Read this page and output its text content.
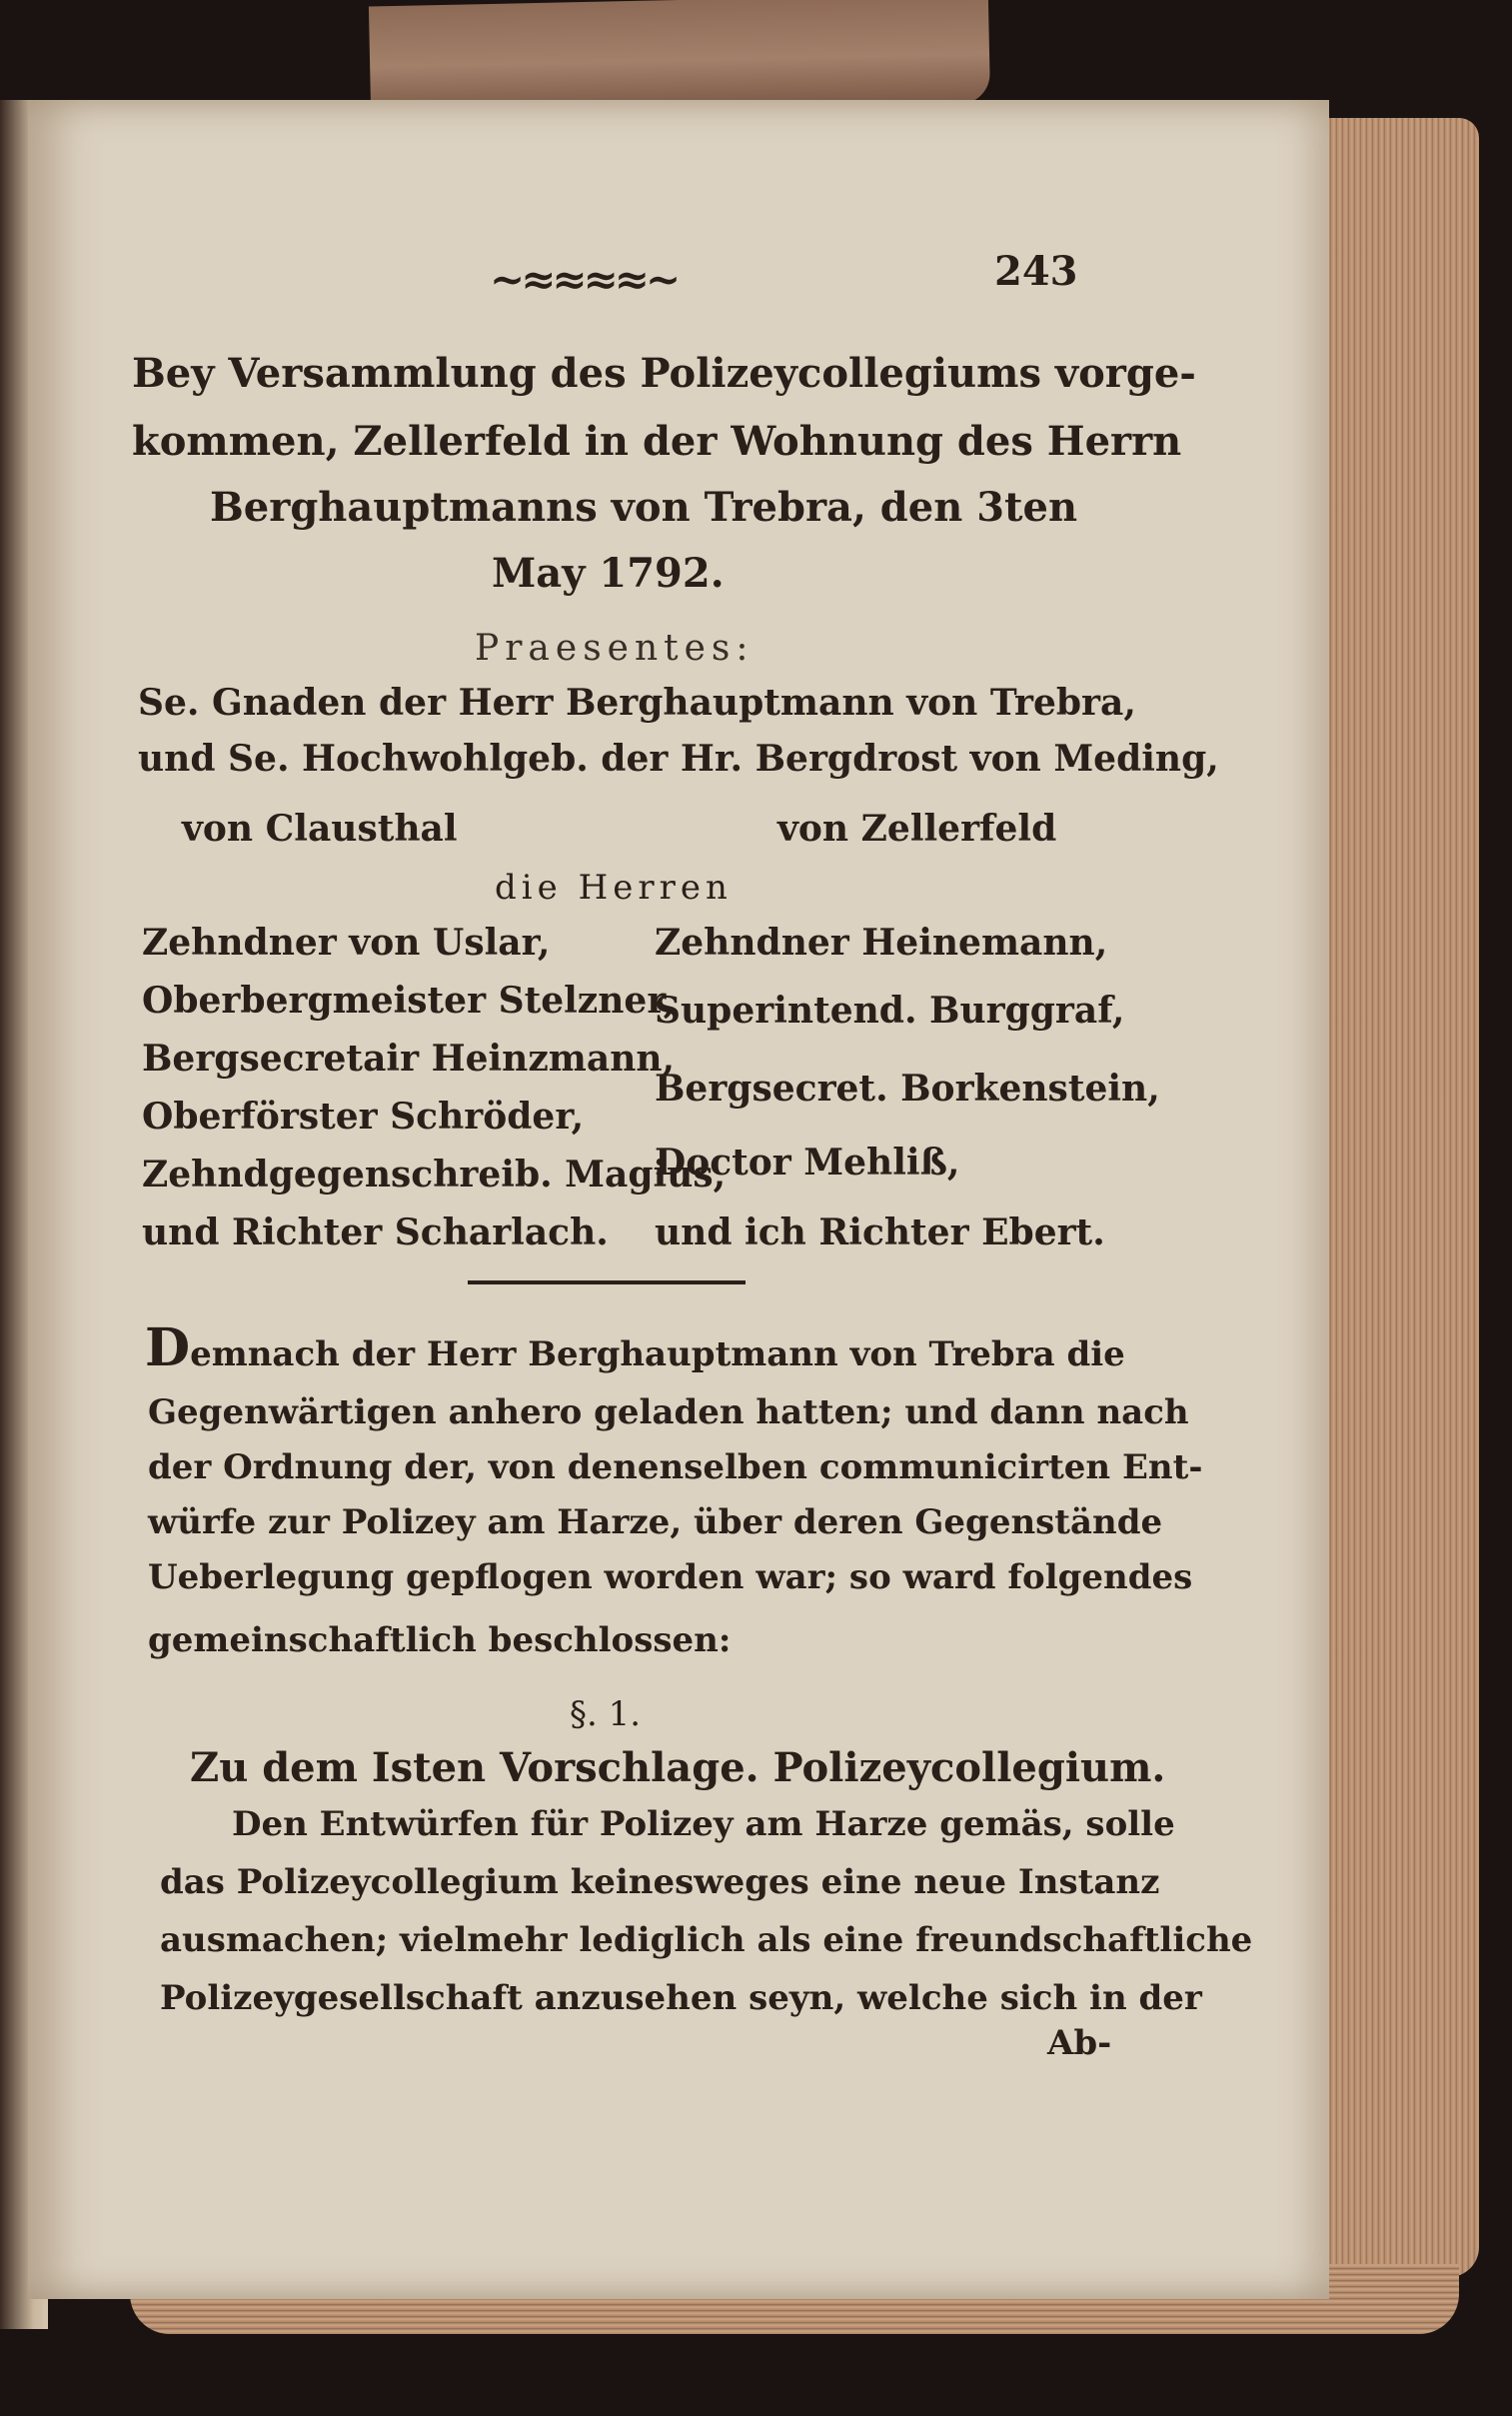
~≈≈≈≈~	243
Bey Versammlung des Polizeycollegiums vorge-
kommen, Zellerfeld in der Wohnung des Herrn
Berghauptmanns von Trebra, den 3ten
May 1792.
Praesentes:
Se. Gnaden der Herr Berghauptmann von Trebra,
und Se. Hochwohlgeb. der Hr. Bergdrost von Meding,
von Clausthal	von Zellerfeld
die Herren
Zehndner von Uslar,
Oberbergmeister Stelzner,
Bergsecretair Heinzmann,
Oberförster Schröder,
Zehndgegenschreib. Magius,
und Richter Scharlach.
Zehndner Heinemann,
Superintend. Burggraf,
Bergsecret. Borkenstein,
Doctor Mehliß,
und ich Richter Ebert.
Demnach der Herr Berghauptmann von Trebra die
Gegenwärtigen anhero geladen hatten; und dann nach
der Ordnung der, von denenselben communicirten Ent-
würfe zur Polizey am Harze, über deren Gegenstände
Ueberlegung gepflogen worden war; so ward folgendes
gemeinschaftlich beschlossen:
§. 1.
Zu dem Isten Vorschlage. Polizeycollegium.
Den Entwürfen für Polizey am Harze gemäs, solle
das Polizeycollegium keinesweges eine neue Instanz
ausmachen; vielmehr lediglich als eine freundschaftliche
Polizeygesellschaft anzusehen seyn, welche sich in der
Ab-
